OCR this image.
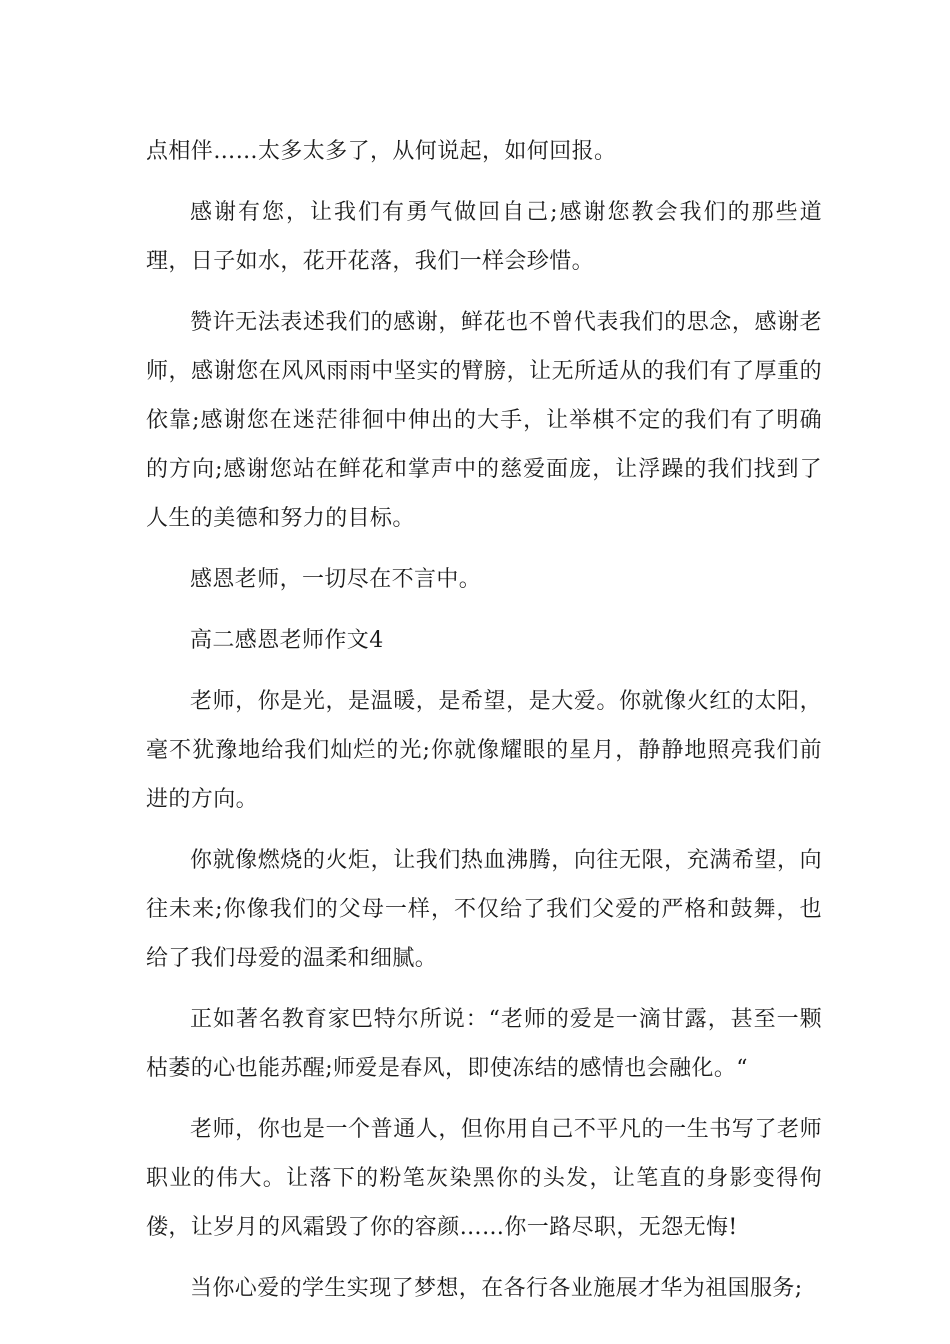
点相伴……太多太多了，从何说起，如何回报。

感谢有您，让我们有勇气做回自己;感谢您教会我们的那些道理，日子如水，花开花落，我们一样会珍惜。

赞许无法表述我们的感谢，鲜花也不曾代表我们的思念，感谢老师，感谢您在风风雨雨中坚实的臂膀，让无所适从的我们有了厚重的依靠;感谢您在迷茫徘徊中伸出的大手，让举棋不定的我们有了明确的方向;感谢您站在鲜花和掌声中的慈爱面庞，让浮躁的我们找到了人生的美德和努力的目标。

感恩老师，一切尽在不言中。

高二感恩老师作文4

老师，你是光，是温暖，是希望，是大爱。你就像火红的太阳，毫不犹豫地给我们灿烂的光;你就像耀眼的星月，静静地照亮我们前进的方向。

你就像燃烧的火炬，让我们热血沸腾，向往无限，充满希望，向往未来;你像我们的父母一样，不仅给了我们父爱的严格和鼓舞，也给了我们母爱的温柔和细腻。

正如著名教育家巴特尔所说：“老师的爱是一滴甘露，甚至一颗枯萎的心也能苏醒;师爱是春风，即使冻结的感情也会融化。“

老师，你也是一个普通人，但你用自己不平凡的一生书写了老师职业的伟大。让落下的粉笔灰染黑你的头发，让笔直的身影变得佝偻，让岁月的风霜毁了你的容颜……你一路尽职，无怨无悔!

当你心爱的学生实现了梦想，在各行各业施展才华为祖国服务;
